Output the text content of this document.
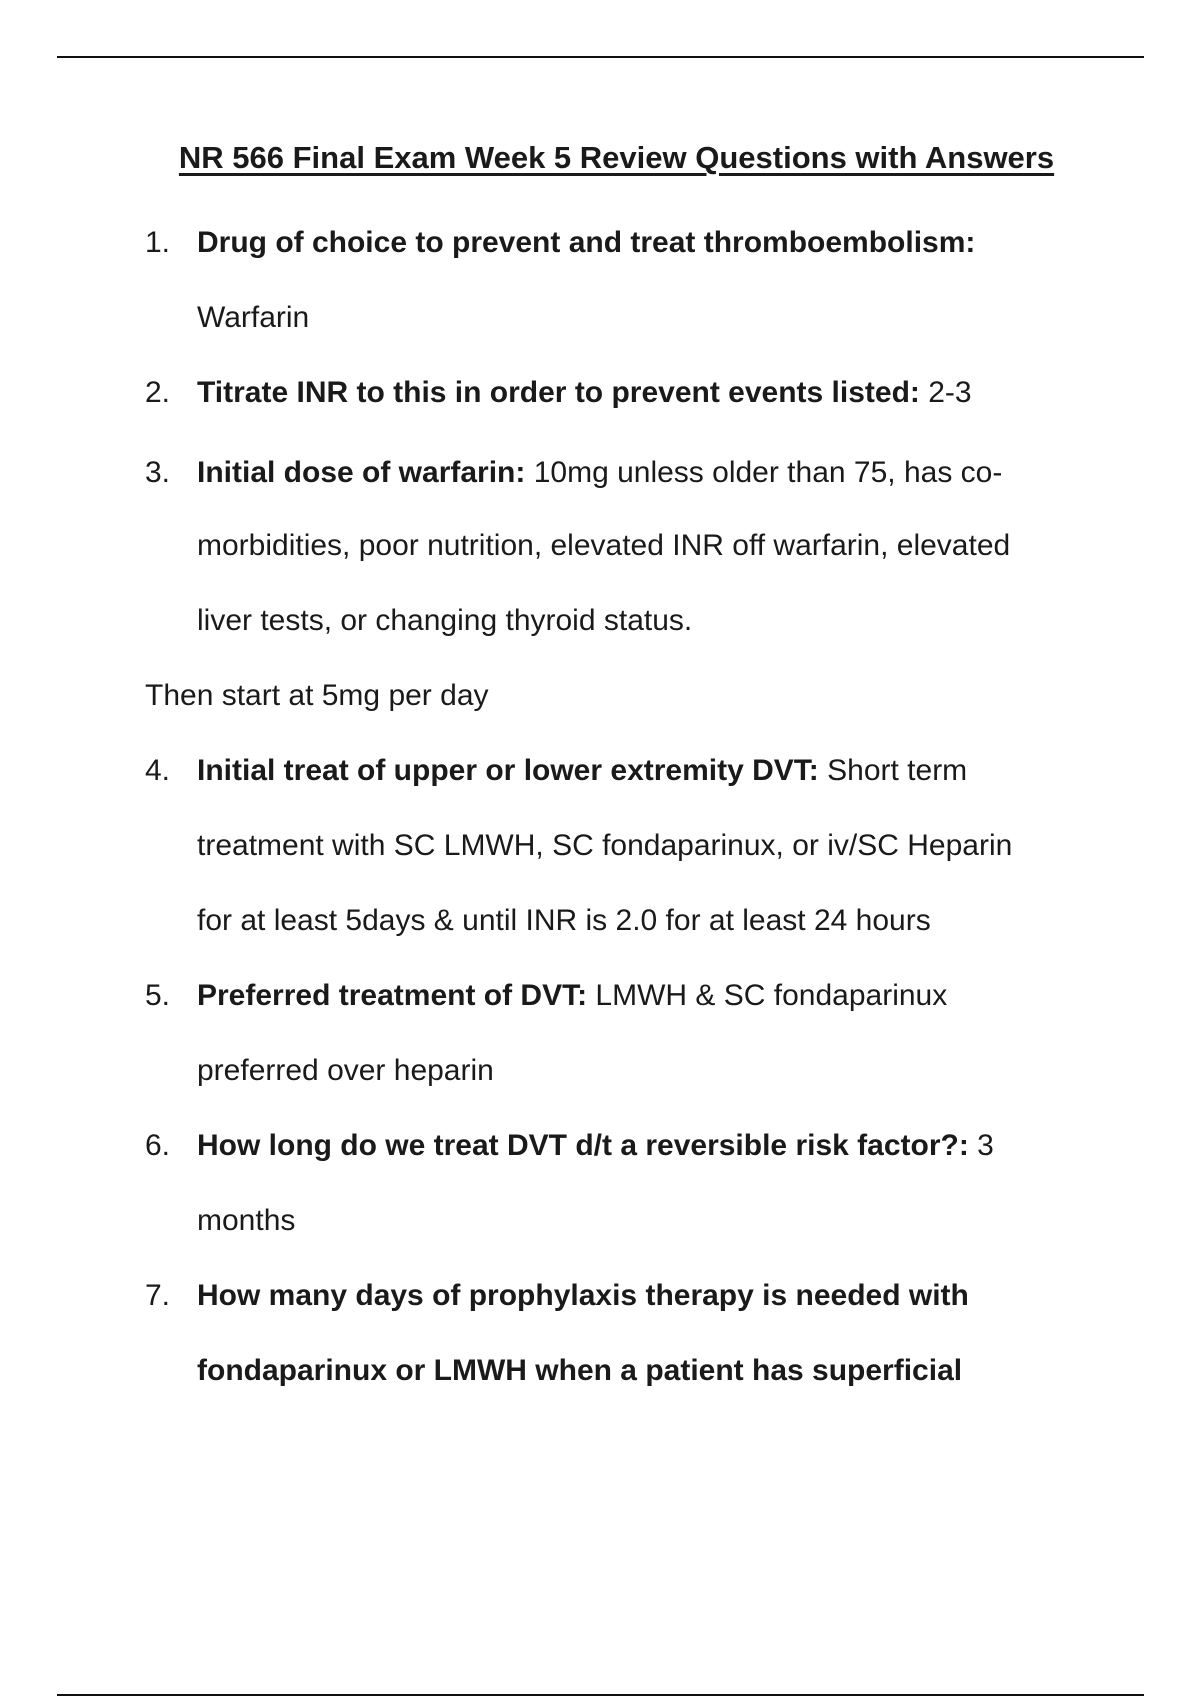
NR 566 Final Exam Week 5 Review Questions with Answers
1. Drug of choice to prevent and treat thromboembolism:
Warfarin
2. Titrate INR to this in order to prevent events listed: 2-3
3. Initial dose of warfarin: 10mg unless older than 75, has co-
morbidities, poor nutrition, elevated INR off warfarin, elevated
liver tests, or changing thyroid status.
Then start at 5mg per day
4. Initial treat of upper or lower extremity DVT: Short term
treatment with SC LMWH, SC fondaparinux, or iv/SC Heparin
for at least 5days & until INR is 2.0 for at least 24 hours
5. Preferred treatment of DVT: LMWH & SC fondaparinux
preferred over heparin
6. How long do we treat DVT d/t a reversible risk factor?: 3
months
7. How many days of prophylaxis therapy is needed with
fondaparinux or LMWH when a patient has superficial
